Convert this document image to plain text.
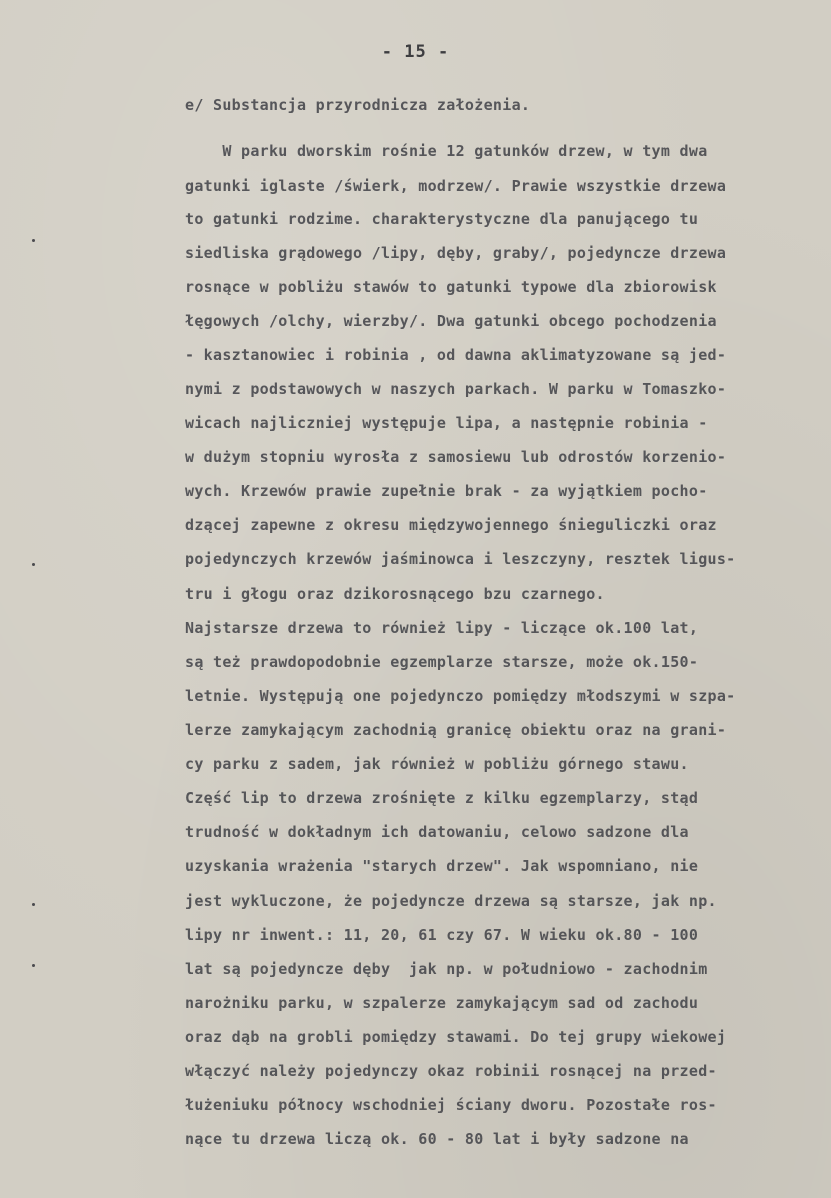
- 15 -
e/ Substancja przyrodnicza założenia.
W parku dworskim rośnie 12 gatunków drzew, w tym dwa
gatunki iglaste /świerk, modrzew/. Prawie wszystkie drzewa
to gatunki rodzime. charakterystyczne dla panującego tu
siedliska grądowego /lipy, dęby, graby/, pojedyncze drzewa
rosnące w pobliżu stawów to gatunki typowe dla zbiorowisk
łęgowych /olchy, wierzby/. Dwa gatunki obcego pochodzenia
- kasztanowiec i robinia , od dawna aklimatyzowane są jed-
nymi z podstawowych w naszych parkach. W parku w Tomaszko-
wicach najliczniej występuje lipa, a następnie robinia -
w dużym stopniu wyrosła z samosiewu lub odrostów korzenio-
wych. Krzewów prawie zupełnie brak - za wyjątkiem pocho-
dzącej zapewne z okresu międzywojennego śnieguliczki oraz
pojedynczych krzewów jaśminowca i leszczyny, resztek ligus-
tru i głogu oraz dzikorosnącego bzu czarnego.
Najstarsze drzewa to również lipy - liczące ok.100 lat,
są też prawdopodobnie egzemplarze starsze, może ok.150-
letnie. Występują one pojedynczo pomiędzy młodszymi w szpa-
lerze zamykającym zachodnią granicę obiektu oraz na grani-
cy parku z sadem, jak również w pobliżu górnego stawu.
Część lip to drzewa zrośnięte z kilku egzemplarzy, stąd
trudność w dokładnym ich datowaniu, celowo sadzone dla
uzyskania wrażenia "starych drzew". Jak wspomniano, nie
jest wykluczone, że pojedyncze drzewa są starsze, jak np.
lipy nr inwent.: 11, 20, 61 czy 67. W wieku ok.80 - 100
lat są pojedyncze dęby  jak np. w południowo - zachodnim
narożniku parku, w szpalerze zamykającym sad od zachodu
oraz dąb na grobli pomiędzy stawami. Do tej grupy wiekowej
włączyć należy pojedynczy okaz robinii rosnącej na przed-
łużeniuku północy wschodniej ściany dworu. Pozostałe ros-
nące tu drzewa liczą ok. 60 - 80 lat i były sadzone na
